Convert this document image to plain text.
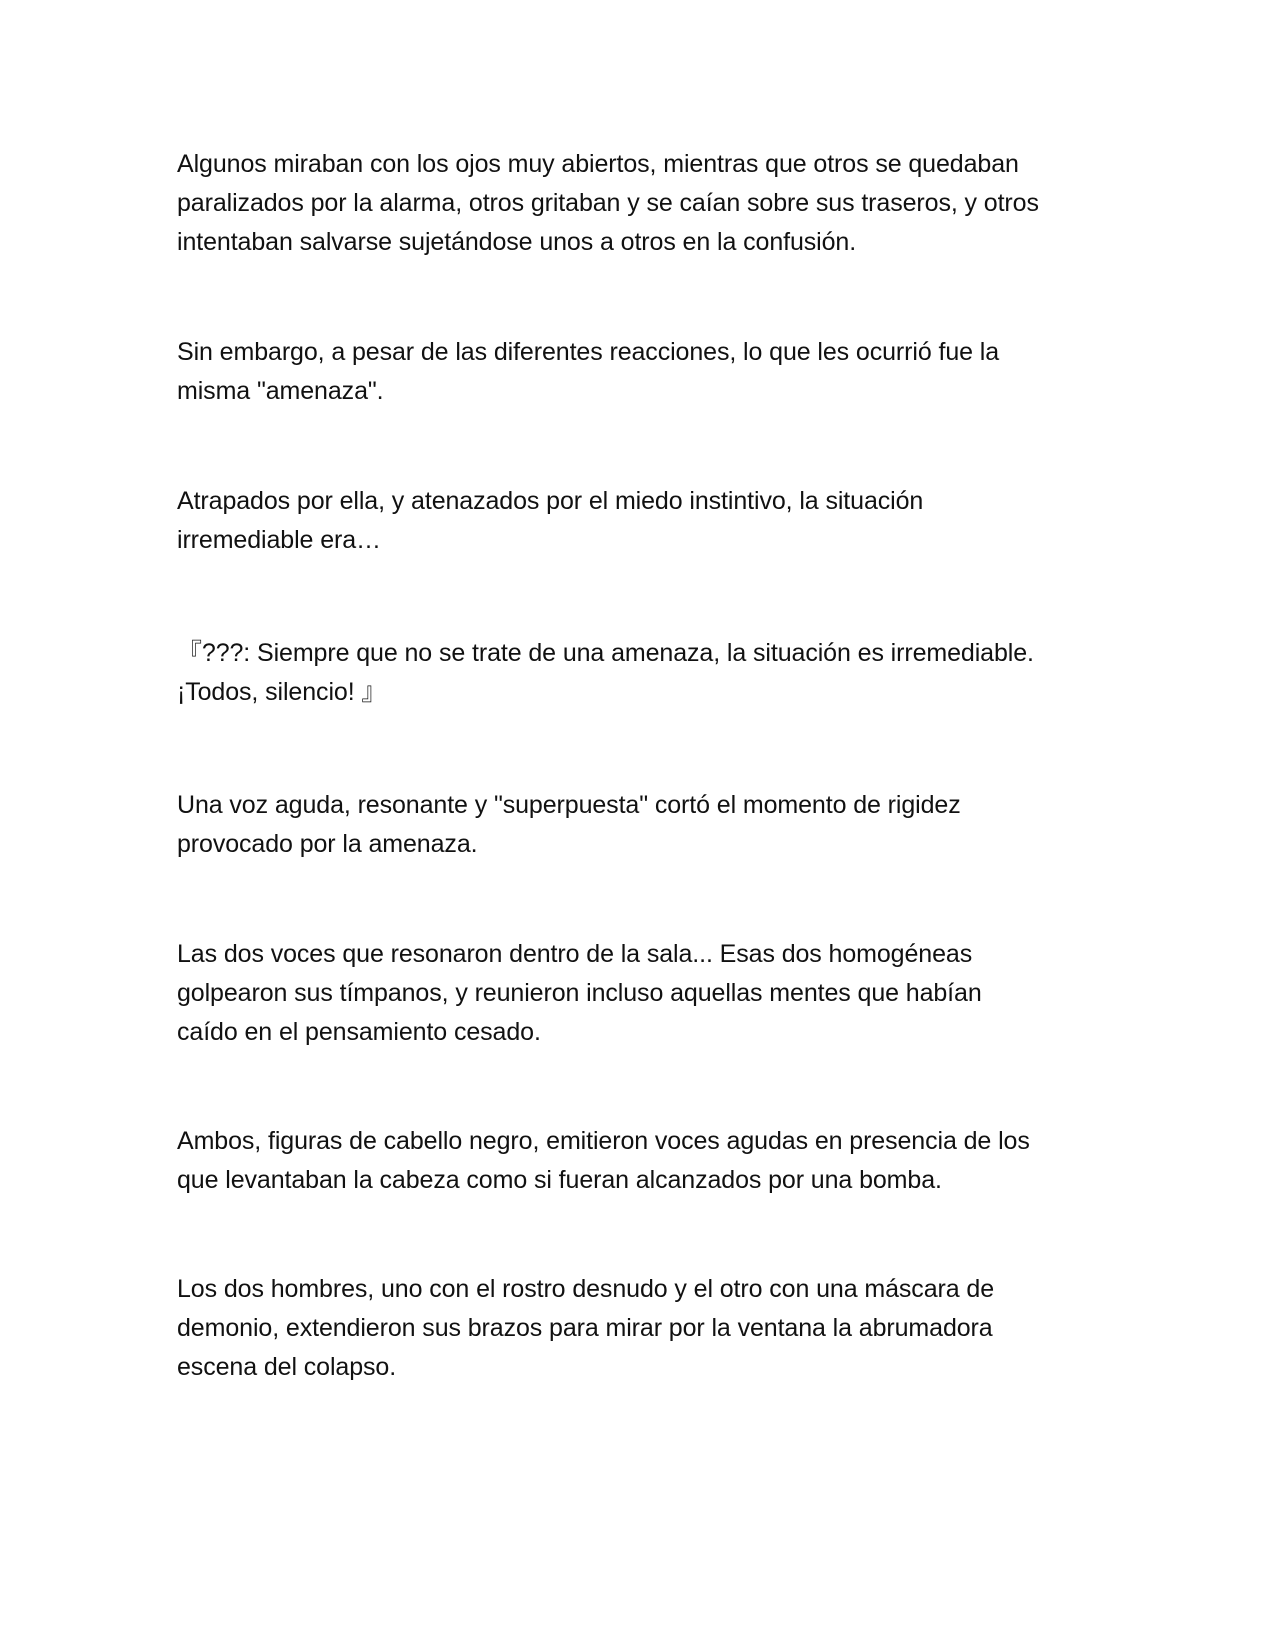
Algunos miraban con los ojos muy abiertos, mientras que otros se quedaban
paralizados por la alarma, otros gritaban y se caían sobre sus traseros, y otros
intentaban salvarse sujetándose unos a otros en la confusión.

Sin embargo, a pesar de las diferentes reacciones, lo que les ocurrió fue la
misma "amenaza".

Atrapados por ella, y atenazados por el miedo instintivo, la situación
irremediable era…

『???: Siempre que no se trate de una amenaza, la situación es irremediable.
¡Todos, silencio! 』

Una voz aguda, resonante y "superpuesta" cortó el momento de rigidez
provocado por la amenaza.

Las dos voces que resonaron dentro de la sala... Esas dos homogéneas
golpearon sus tímpanos, y reunieron incluso aquellas mentes que habían
caído en el pensamiento cesado.

Ambos, figuras de cabello negro, emitieron voces agudas en presencia de los
que levantaban la cabeza como si fueran alcanzados por una bomba.

Los dos hombres, uno con el rostro desnudo y el otro con una máscara de
demonio, extendieron sus brazos para mirar por la ventana la abrumadora
escena del colapso.
